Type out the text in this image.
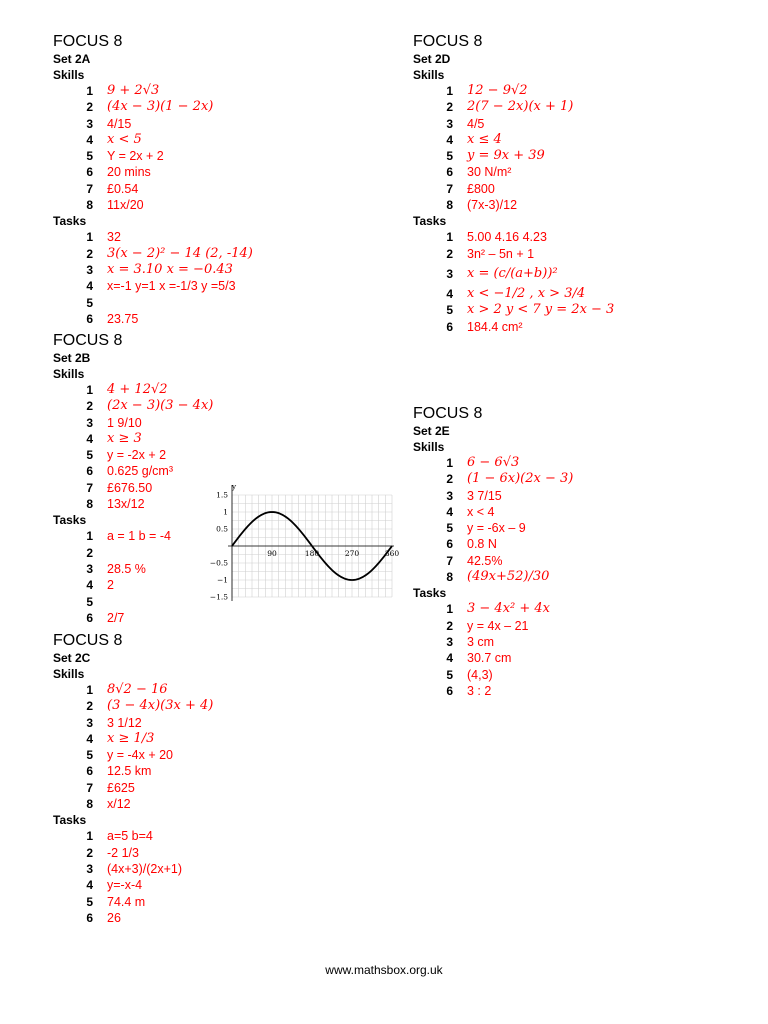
FOCUS 8
Set 2A
Skills
1 9 + 2√3
2 (4x − 3)(1 − 2x)
3 4/15
4 x < 5
5 Y = 2x + 2
6 20 mins
7 £0.54
8 11x/20
Tasks
1 32
2 3(x − 2)² − 14 (2, -14)
3 x = 3.10 x = −0.43
4 x=-1 y=1 x =-1/3 y =5/3
5
6 23.75
FOCUS 8
Set 2B
Skills
1 4 + 12√2
2 (2x − 3)(3 − 4x)
3 1 9/10
4 x ≥ 3
5 y = -2x + 2
6 0.625 g/cm³
7 £676.50
8 13x/12
Tasks
1 a = 1 b = -4
2
3 28.5 %
4 2
5
6 2/7
FOCUS 8
Set 2C
Skills
1 8√2 − 16
2 (3 − 4x)(3x + 4)
3 3 1/12
4 x ≥ 1/3
5 y = -4x + 20
6 12.5 km
7 £625
8 x/12
Tasks
1 a=5 b=4
2 -2 1/3
3 (4x+3)/(2x+1)
4 y=-x-4
5 74.4 m
6 26
FOCUS 8
Set 2D
Skills
1 12 − 9√2
2 2(7 − 2x)(x + 1)
3 4/5
4 x ≤ 4
5 y = 9x + 39
6 30 N/m²
7 £800
8 (7x-3)/12
Tasks
1 5.00 4.16 4.23
2 3n² – 5n + 1
3 x = (c/(a+b))²
4 x < −1/2 , x > 3/4
5 x > 2 y < 7 y = 2x − 3
6 184.4 cm²
FOCUS 8
Set 2E
Skills
1 6 − 6√3
2 (1 − 6x)(2x − 3)
3 3 7/15
4 x < 4
5 y = -6x – 9
6 0.8 N
7 42.5%
8 (49x+52)/30
Tasks
1 3 − 4x² + 4x
2 y = 4x – 21
3 3 cm
4 30.7 cm
5 (4,3)
6 3 : 2
y
1.5
1
0.5
−0.5
−1
−1.5
90	180	270	360
www.mathsbox.org.uk
